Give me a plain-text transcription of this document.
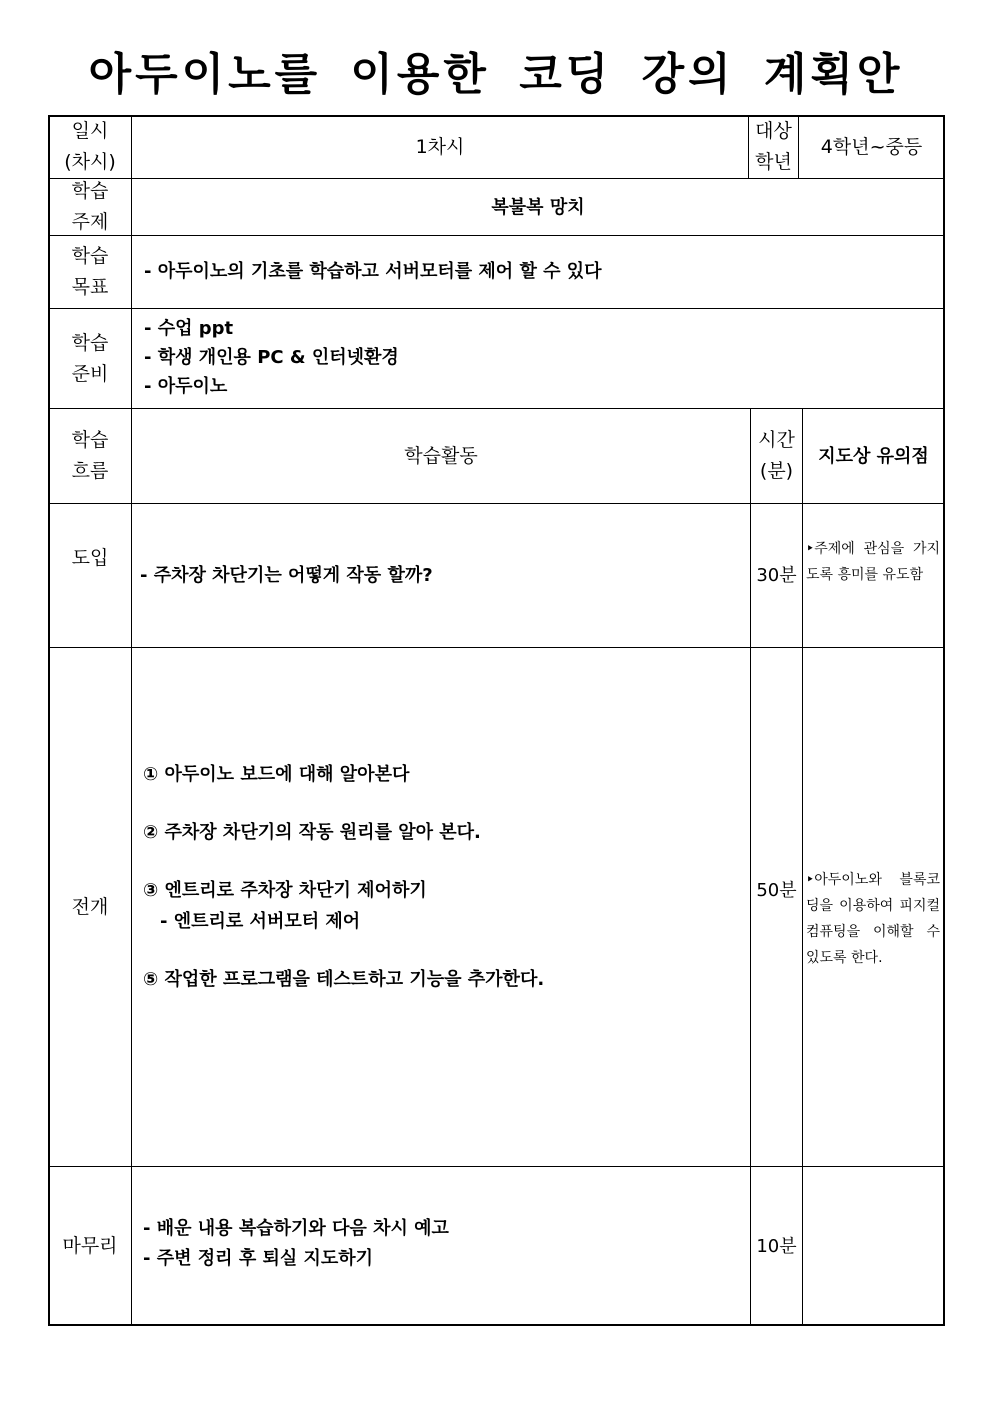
아두이노를 이용한 코딩 강의 계획안
일시
(차시)
1차시
대상
학년
4학년~중등
학습
주제
복불복 망치
학습
목표
- 아두이노의 기초를 학습하고 서버모터를 제어 할 수 있다
학습
준비
- 수업 ppt
- 학생 개인용 PC & 인터넷환경
- 아두이노
학습
흐름
학습활동
시간
(분)
지도상 유의점
도입
- 주차장 차단기는 어떻게 작동 할까?	30분
‣주제에 관심을 가지도록 흥미를 유도함
전개
① 아두이노 보드에 대해 알아본다
② 주차장 차단기의 작동 원리를 알아 본다.
③ 엔트리로 주차장 차단기 제어하기
- 엔트리로 서버모터 제어
⑤ 작업한 프로그램을 테스트하고 기능을 추가한다.
50분 ‣아두이노와 블록코딩을 이용하여 피지컬 컴퓨팅을 이해할 수 있도록 한다.
마무리
- 배운 내용 복습하기와 다음 차시 예고
- 주변 정리 후 퇴실 지도하기
10분
